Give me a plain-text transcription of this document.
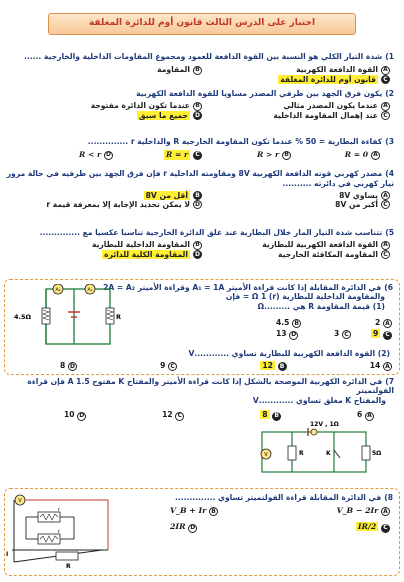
اختبار على الدرس الثالث قانون أوم للدائرة المغلقة
1)شدة التيار الكلي هو النسبة بين القوة الدافعة للعمود ومجموع المقاومات الداخلية والخارجية ......
A
القوة الدافعة الكهربية
B
المقاومة
C
قانون أوم للدائرة المغلقة
2)يكون فرق الجهد بين طرفي المصدر مساويا للقوة الدافعة الكهربية
A
عندما يكون المصدر مثالي
B
عندما تكون الدائرة مفتوحة
C
عند إهمال المقاومة الداخلية
D
جميع ما سبق
3)كفاءة البطارية = 50 % عندما تكون المقاومة الخارجية R والداخلية r ..............
A
R = 0
B
R > r
C
R = r
D
R < r
4)مصدر كهربي قوته الدافعة الكهربية 8V ومقاومته الداخلية r فإن فرق الجهد بين طرفيه في حالة مرور تيار كهربي في دائرته ..........
A
يساوي 8V
B
أقل من 8V
C
أكبر من 8V
D
لا يمكن تحديد الإجابة إلا بمعرفة قيمة r
5)تتناسب شدة التيار المار خلال البطارية عند غلق الدائرة الخارجية تناسبا عكسيا مع ..............
A
القوة الدافعة الكهربية للبطارية
B
المقاومة الداخلية للبطارية
C
المقاومة المكافئة الخارجية
D
المقاومة الكلية للدائرة
6)في الدائرة المقابلة إذا كانت قراءة الأميتر A₁ = 1A وقراءة الأميتر 2A = A₂
والمقاومة الداخلية للبطارية (r) Ω 1 = فإن
(1) قيمة المقاومة R هي .........Ω
A 2
B 4.5
C 9
D 13	C 3
(2) القوة الدافعة الكهربية للبطارية تساوي ............V
A 14
B 12
C 9
D 8
A₂	A₁
4.5Ω	R
7)في الدائرة الكهربية الموضحة بالشكل إذا كانت قراءة الأميتر والمفتاح K مفتوح 1.5 A فإن قراءة الفولتميتر
والمفتاح K مغلق تساوي ............V
A 6
B 8
C 12
D 10
12V , 1Ω
V	R	K	5Ω
8)في الدائرة المقابلة قراءة الفولتميتر تساوي ..............
A V_B − 2Ir
B V_B + Ir
C IR/2
D 2IR
V
r
r
R
I
